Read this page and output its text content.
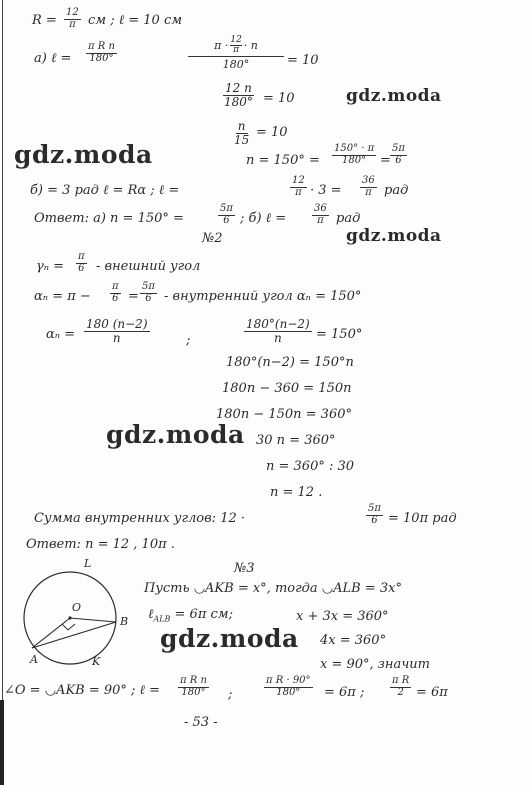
$R = \frac{12}{\pi}$ см ; ℓ = 10 см
а) ℓ = $\frac{\text{π R n}}{180^\circ}$	π · 12
π · n
180°	= 10
$\frac{12 n}{180^\circ} = 10$	gdz.moda
$\frac{n}{15} = 10$
gdz.moda	$n = 150^\circ = \frac{150^\circ \cdot \pi}{180^\circ} = \frac{5\pi}{6}$
б) = 3 рад ℓ = Rα ; ℓ =	$\frac{12}{\pi} \cdot 3 = \frac{36}{\pi}$ рад
Ответ: а) n = 150° =	$\frac{5\pi}{6}$ ; б) ℓ =	$\frac{36}{\pi}$ рад
№2	gdz.moda
$\gamma_n = \frac{\pi}{6}$ - внешний угол
$\alpha_n = \pi - \frac{\pi}{6} = \frac{5\pi}{6}$ - внутренний угол αₙ = 150°
$\alpha_n = \frac{180 (n-2)}{n}$	;	$\frac{180^\circ(n-2)}{n} = 150^\circ$
180°(n−2) = 150°n
180n − 360 = 150n
180n − 150n = 360°
gdz.moda 30 n = 360°
n = 360° : 30
n = 12 .
Сумма внутренних углов: 12 ·	$\frac{5\pi}{6} = 10\pi$ рад
Ответ: n = 12 , 10π .
№3
L
O
B
A	K
Пусть ◡AKB = x°, тогда ◡ALB = 3x°
ℓ$_{ALB}$ = 6π см;	x + 3x = 360°
gdz.moda 4x = 360°
x = 90°, значит
∠O = ◡AKB = 90° ; ℓ = $\frac{\text{π R n}}{180^\circ}$ ;	$\frac{\text{π R · 90°}}{180^\circ} = 6\pi$ ;	$\frac{\text{π R}}{2} = 6\pi$
- 53 -
